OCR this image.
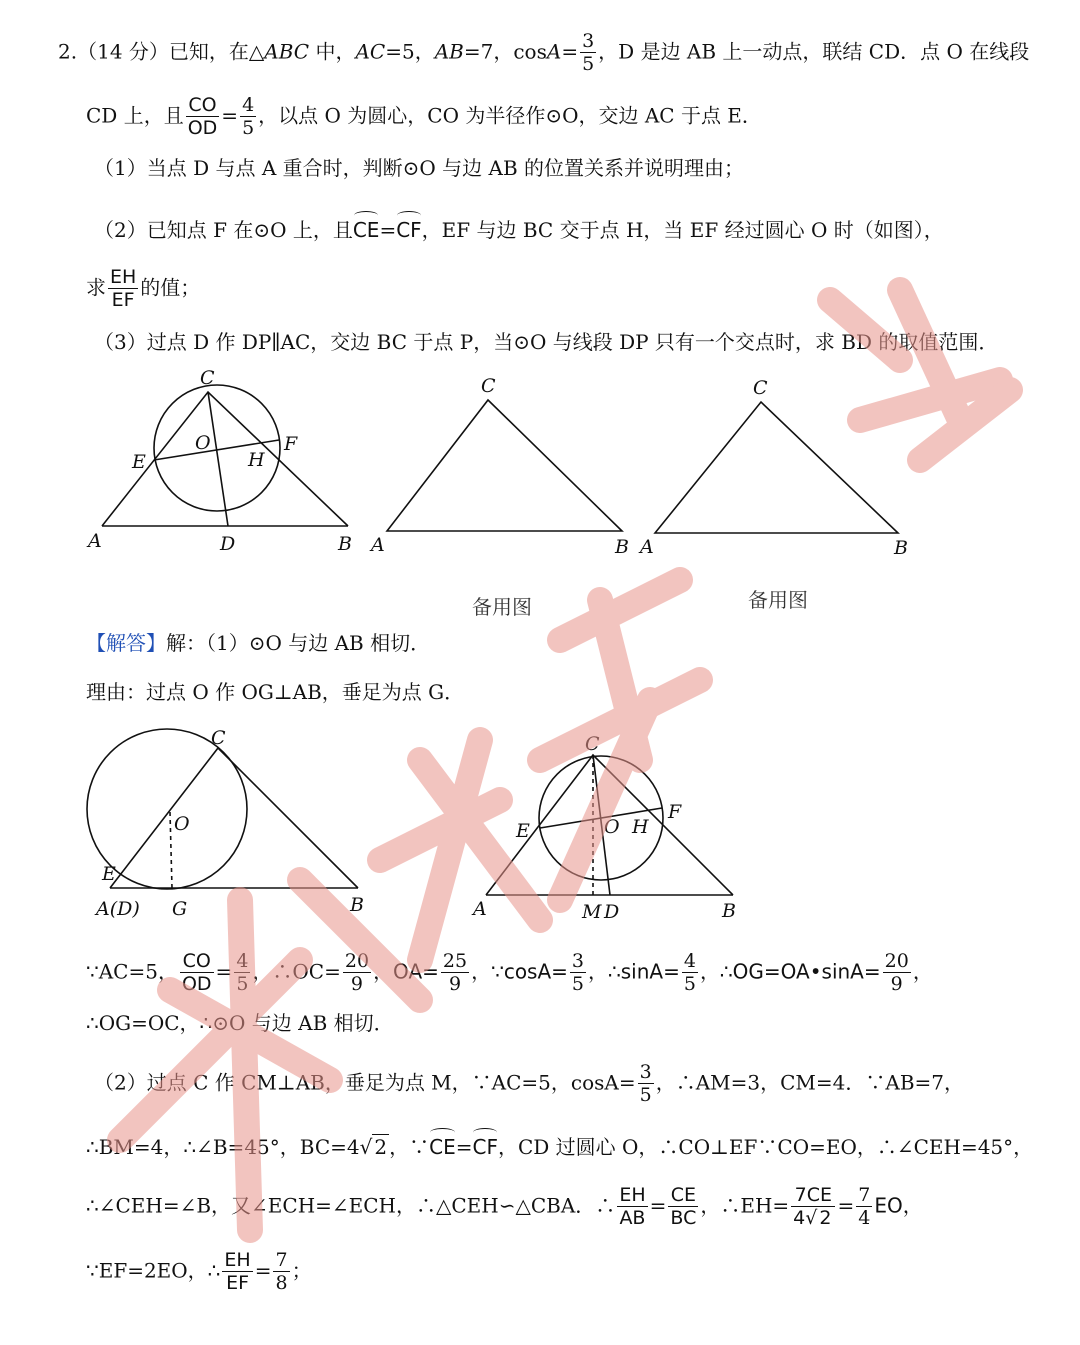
2.（14 分）已知，在△ABC 中，AC=5，AB=7，$\cos A= \frac{3}{5}$ ，D 是边 AB 上一动点，联结 CD．点 O 在线段
CD 上，且 $\frac{CO}{OD} = \frac{4}{5}$ ，以点 O 为圆心，CO 为半径作⊙O，交边 AC 于点 E．
（1）当点 D 与点 A 重合时，判断⊙O 与边 AB 的位置关系并说明理由；
（2）已知点 F 在⊙O 上，且CE=CF，EF 与边 BC 交于点 H，当 EF 经过圆心 O 时（如图），
求 $\frac{EH}{EF}$ 的值；
（3）过点 D 作 DP∥AC，交边 BC 于点 P，当⊙O 与线段 DP 只有一个交点时，求 BD 的取值范围．
C
O	F
E	H
A	D	B
C
A	B
C
A	B
备用图	备用图
【解答】解：（1）⊙O 与边 AB 相切．
理由：过点 O 作 OG⊥AB，垂足为点 G．
C
O
E
A(D) G	B
C
F
E	O H
A	M D	B
∵AC=5， $\frac{CO}{OD} = \frac{4}{5}$ ，∴OC= $\frac{20}{9}$ ，$OA= \frac{25}{9}$ ，∵cosA= $\frac{3}{5}$ ，∴sinA= $\frac{4}{5}$ ，∴OG=OA•sinA= $\frac{20}{9}$ ，
∴OG=OC，∴⊙O 与边 AB 相切．
（2）过点 C 作 CM⊥AB，垂足为点 M，∵AC=5，$\cos A= \frac{3}{5}$ ，∴AM=3，CM=4．∵AB=7，
∴BM=4，∴∠B=45°，BC=4√ 2 ，∵CE=CF，CD 过圆心 O，∴CO⊥EF∵CO=EO，∴∠CEH=45°，
∴∠CEH=∠B，又∠ECH=∠ECH，∴△CEH∽△CBA．∴ $\frac{EH}{AB} = \frac{CE}{BC}$ ，∴EH= $\frac{7CE}{4√ 2} = \frac{7}{4}$ EO，
∵EF=2EO，∴ $\frac{EH}{EF} = \frac{7}{8}$ ；
